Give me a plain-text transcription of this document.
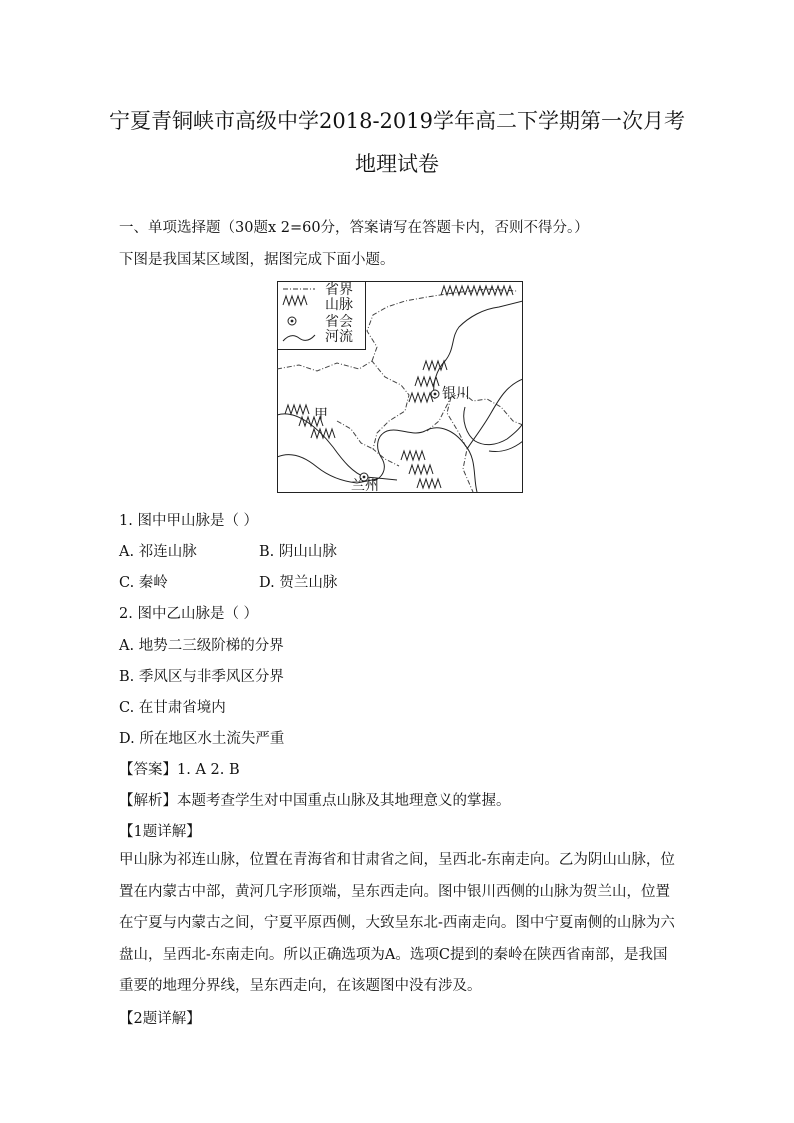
宁夏青铜峡市高级中学2018-2019学年高二下学期第一次月考
地理试卷
一、单项选择题（30题x 2=60分，答案请写在答题卡内，否则不得分。）
下图是我国某区域图，据图完成下面小题。
省界
山脉
省会
河流
银川
兰州
甲
1. 图中甲山脉是（ ）
A. 祁连山脉	B. 阴山山脉
C. 秦岭	D. 贺兰山脉
2. 图中乙山脉是（ ）
A. 地势二三级阶梯的分界
B. 季风区与非季风区分界
C. 在甘肃省境内
D. 所在地区水土流失严重
【答案】1. A 2. B
【解析】本题考查学生对中国重点山脉及其地理意义的掌握。
【1题详解】
甲山脉为祁连山脉，位置在青海省和甘肃省之间，呈西北-东南走向。乙为阴山山脉，位置在内蒙古中部，黄河几字形顶端，呈东西走向。图中银川西侧的山脉为贺兰山，位置在宁夏与内蒙古之间，宁夏平原西侧，大致呈东北-西南走向。图中宁夏南侧的山脉为六盘山，呈西北-东南走向。所以正确选项为A。选项C提到的秦岭在陕西省南部，是我国重要的地理分界线，呈东西走向，在该题图中没有涉及。
【2题详解】
